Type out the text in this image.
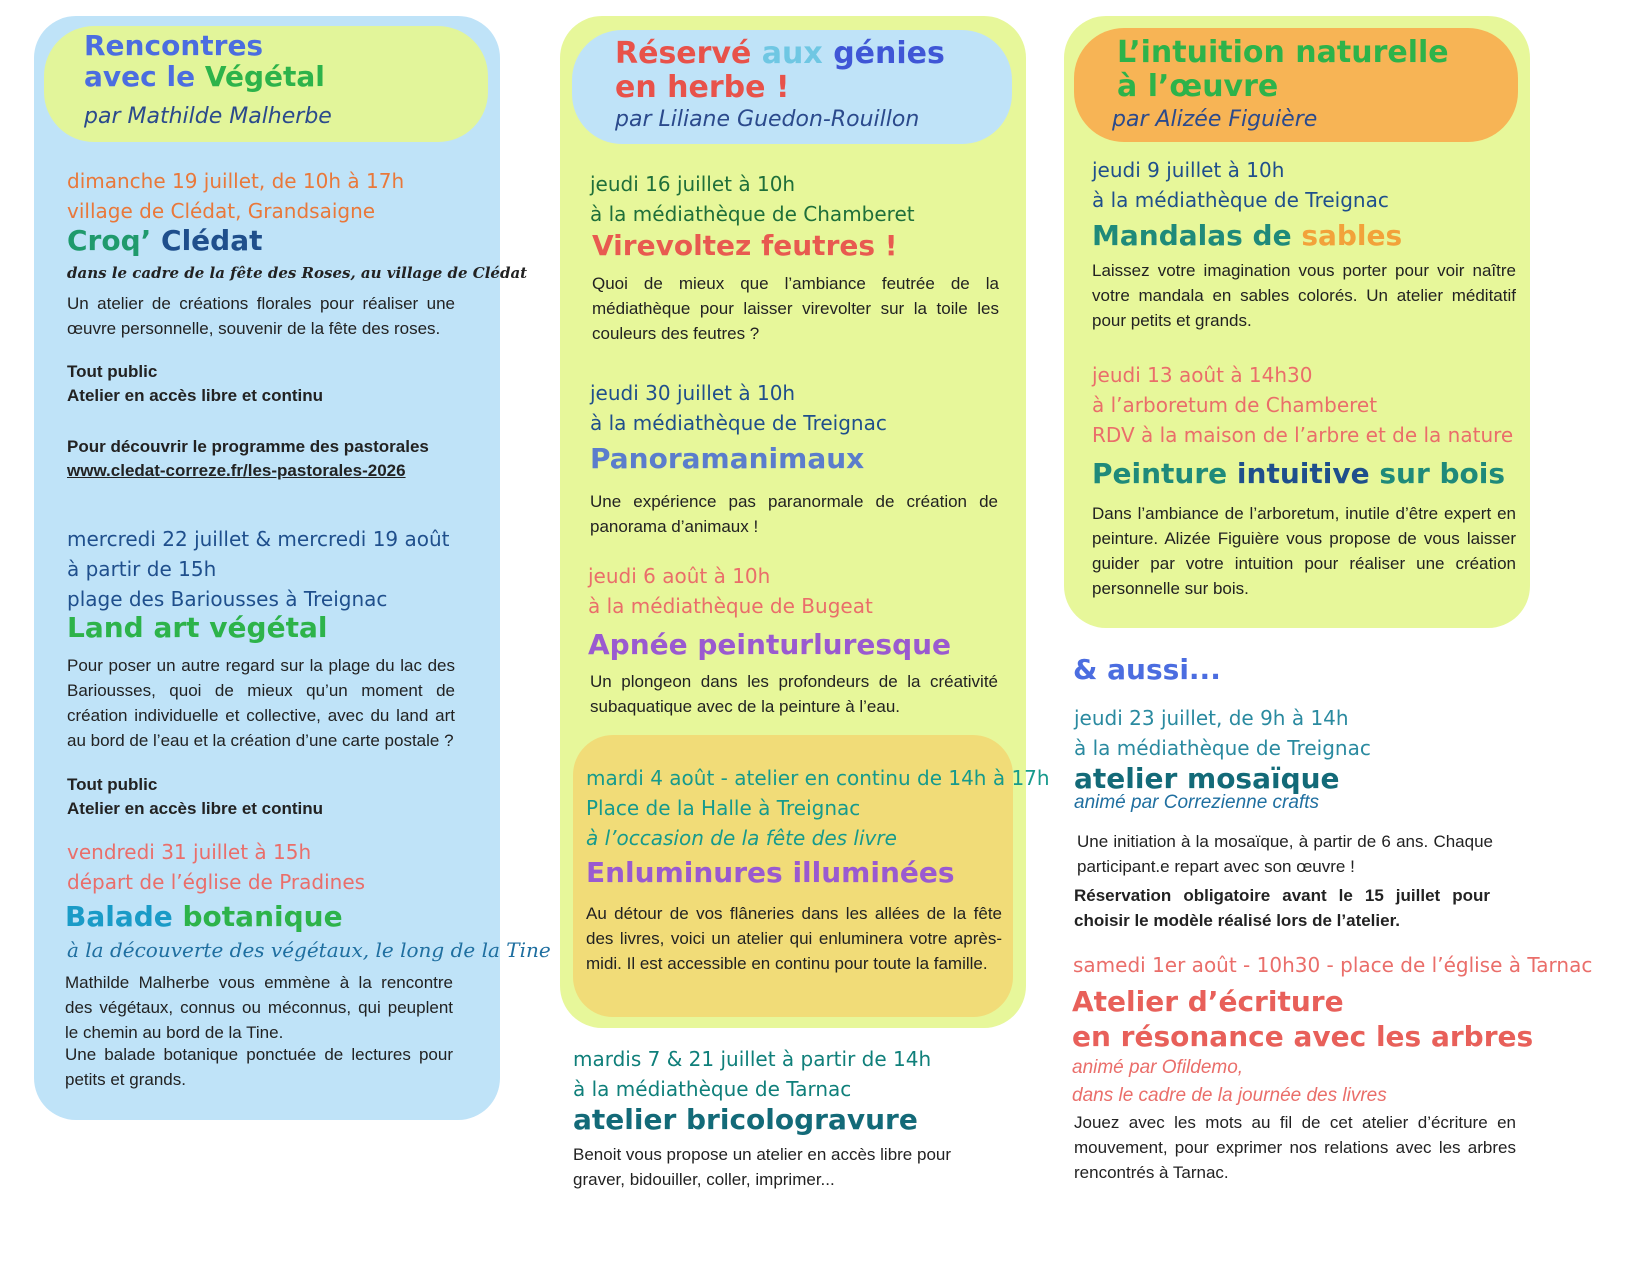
Rencontres
avec le Végétal
par Mathilde Malherbe
dimanche 19 juillet, de 10h à 17h
village de Clédat, Grandsaigne
Croq’ Clédat
dans le cadre de la fête des Roses, au village de Clédat
Un atelier de créations florales pour réaliser une œuvre personnelle, souvenir de la fête des roses.
Tout public
Atelier en accès libre et continu
Pour découvrir le programme des pastorales
www.cledat-correze.fr/les-pastorales-2026
mercredi 22 juillet & mercredi 19 août
à partir de 15h
plage des Bariousses à Treignac
Land art végétal
Pour poser un autre regard sur la plage du lac des Bariousses, quoi de mieux qu’un moment de création individuelle et collective, avec du land art au bord de l’eau et la création d’une carte postale ?
Tout public
Atelier en accès libre et continu
vendredi 31 juillet à 15h
départ de l’église de Pradines
Balade botanique
à la découverte des végétaux, le long de la Tine
Mathilde Malherbe vous emmène à la rencontre des végétaux, connus ou méconnus, qui peuplent le chemin au bord de la Tine.
Une balade botanique ponctuée de lectures pour petits et grands.
Réservé aux génies
en herbe !
par Liliane Guedon-Rouillon
jeudi 16 juillet à 10h
à la médiathèque de Chamberet
Virevoltez feutres !
Quoi de mieux que l’ambiance feutrée de la médiathèque pour laisser virevolter sur la toile les couleurs des feutres ?
jeudi 30 juillet à 10h
à la médiathèque de Treignac
Panoramanimaux
Une expérience pas paranormale de création de panorama d’animaux !
jeudi 6 août à 10h
à la médiathèque de Bugeat
Apnée peinturluresque
Un plongeon dans les profondeurs de la créativité subaquatique avec de la peinture à l’eau.
mardi 4 août - atelier en continu de 14h à 17h
Place de la Halle à Treignac
à l’occasion de la fête des livre
Enluminures illuminées
Au détour de vos flâneries dans les allées de la fête des livres, voici un atelier qui enluminera votre après-midi. Il est accessible en continu pour toute la famille.
mardis 7 & 21 juillet à partir de 14h
à la médiathèque de Tarnac
atelier bricologravure
Benoit vous propose un atelier en accès libre pour graver, bidouiller, coller, imprimer...
L’intuition naturelle
à l’œuvre
par Alizée Figuière
jeudi 9 juillet à 10h
à la médiathèque de Treignac
Mandalas de sables
Laissez votre imagination vous porter pour voir naître votre mandala en sables colorés. Un atelier méditatif pour petits et grands.
jeudi 13 août à 14h30
à l’arboretum de Chamberet
RDV à la maison de l’arbre et de la nature
Peinture intuitive sur bois
Dans l’ambiance de l’arboretum, inutile d’être expert en peinture. Alizée Figuière vous propose de vous laisser guider par votre intuition pour réaliser une création personnelle sur bois.
& aussi...
jeudi 23 juillet, de 9h à 14h
à la médiathèque de Treignac
atelier mosaïque
animé par Correzienne crafts
Une initiation à la mosaïque, à partir de 6 ans. Chaque participant.e repart avec son œuvre !
Réservation obligatoire avant le 15 juillet pour choisir le modèle réalisé lors de l’atelier.
samedi 1er août - 10h30 - place de l’église à Tarnac
Atelier d’écriture
en résonance avec les arbres
animé par Ofildemo,
dans le cadre de la journée des livres
Jouez avec les mots au fil de cet atelier d’écriture en mouvement, pour exprimer nos relations avec les arbres rencontrés à Tarnac.
